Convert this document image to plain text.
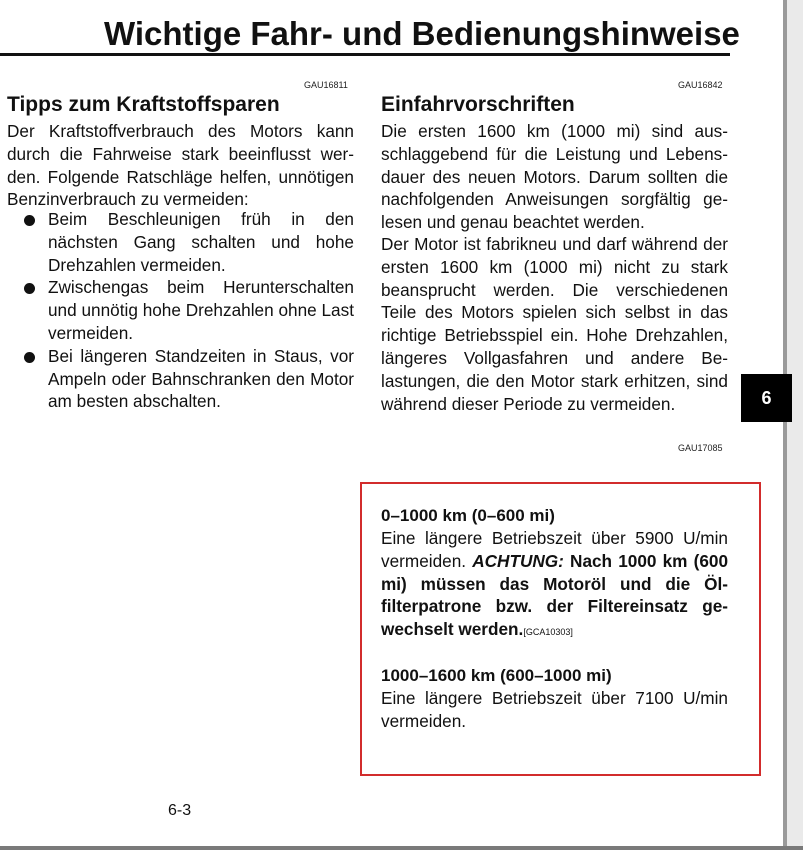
Wichtige Fahr- und Bedienungshinweise
GAU16811
Tipps zum Kraftstoffsparen

Der Kraftstoffverbrauch des Motors kann durch die Fahrweise stark beeinflusst werden. Folgende Ratschläge helfen, unnötigen Benzinverbrauch zu vermeiden:

Beim Beschleunigen früh in den nächsten Gang schalten und hohe Drehzahlen vermeiden.
Zwischengas beim Herunterschalten und unnötig hohe Drehzahlen ohne Last vermeiden.
Bei längeren Standzeiten in Staus, vor Ampeln oder Bahnschranken den Motor am besten abschalten.
GAU16842
Einfahrvorschriften

Die ersten 1600 km (1000 mi) sind ausschlaggebend für die Leistung und Lebensdauer des neuen Motors. Darum sollten die nachfolgenden Anweisungen sorgfältig gelesen und genau beachtet werden.

Der Motor ist fabrikneu und darf während der ersten 1600 km (1000 mi) nicht zu stark beansprucht werden. Die verschiedenen Teile des Motors spielen sich selbst in das richtige Betriebsspiel ein. Hohe Drehzahlen, längeres Vollgasfahren und andere Belastungen, die den Motor stark erhitzen, sind während dieser Periode zu vermeiden.

GAU17085
6
0–1000 km (0–600 mi)

Eine längere Betriebszeit über 5900 U/min vermeiden. ACHTUNG: Nach 1000 km (600 mi) müssen das Motoröl und die Ölfilterpatrone bzw. der Filtereinsatz gewechselt werden.[GCA10303]

1000–1600 km (600–1000 mi)

Eine längere Betriebszeit über 7100 U/min vermeiden.

6-3
